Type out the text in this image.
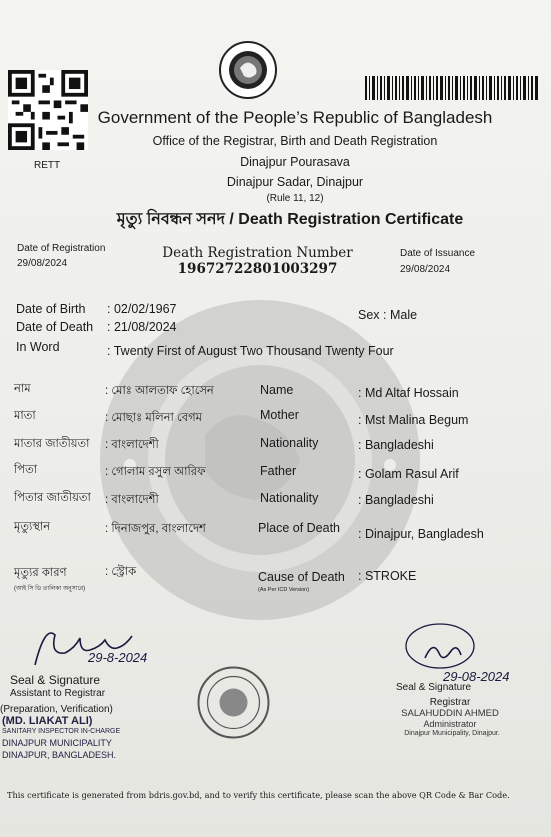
RETT
Government of the People’s Republic of Bangladesh
Office of the Registrar, Birth and Death Registration
Dinajpur Pourasava
Dinajpur Sadar, Dinajpur
(Rule 11, 12)
মৃত্যু নিবন্ধন সনদ / Death Registration Certificate
Date of Registration
29/08/2024
Death Registration Number
19672722801003297
Date of Issuance
29/08/2024
Date of Birth : 02/02/1967
Date of Death : 21/08/2024
In Word	: Twenty First of August Two Thousand Twenty Four
Sex : Male
নাম
মাতা
মাতার জাতীয়তা
পিতা
পিতার জাতীয়তা
মৃত্যুস্থান
মৃত্যুর কারণ
(আই সি ডি তালিকা অনুসারে)
: মোঃ আলতাফ হোসেন
: মোছাঃ মলিনা বেগম
: বাংলাদেশী
: গোলাম রসুল আরিফ
: বাংলাদেশী
: দিনাজপুর, বাংলাদেশ
: স্ট্রোক
Name
Mother
Nationality
Father
Nationality
Place of Death
Cause of Death
(As Per ICD Version)
: Md Altaf Hossain
: Mst Malina Begum
: Bangladeshi
: Golam Rasul Arif
: Bangladeshi
: Dinajpur, Bangladesh
: STROKE
29-8-2024
Seal & Signature
Assistant to Registrar
(Preparation, Verification)
(MD. LIAKAT ALI)
SANITARY INSPECTOR IN-CHARGE
DINAJPUR MUNICIPALITY
DINAJPUR, BANGLADESH.
29-08-2024
Seal & Signature
Registrar
SALAHUDDIN AHMED
Administrator
Dinajpur Municipality, Dinajpur.
This certificate is generated from bdris.gov.bd, and to verify this certificate, please scan the above QR Code & Bar Code.
